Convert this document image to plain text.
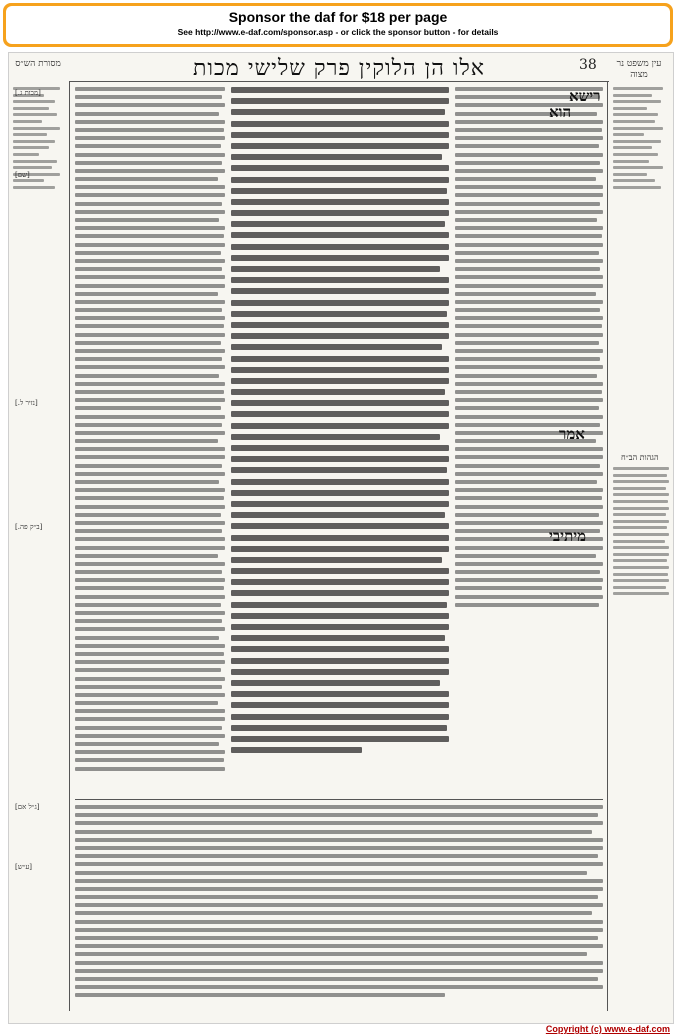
Sponsor the daf for $18 per page
See http://www.e-daf.com/sponsor.asp - or click the sponsor button - for details
אלו הן הלוקין פרק שלישי מכות	38
מסורת הש״ס	עין משפט נר מצוה
[מכות ג.]
[שם]
[נזיר ל.]
[ב״ק פה.]
[ג״ל אם]
[ע״ש]
רישא
הוא
אמר
מיתיבי
הגהות הב״ח
Copyright (c) www.e-daf.com
